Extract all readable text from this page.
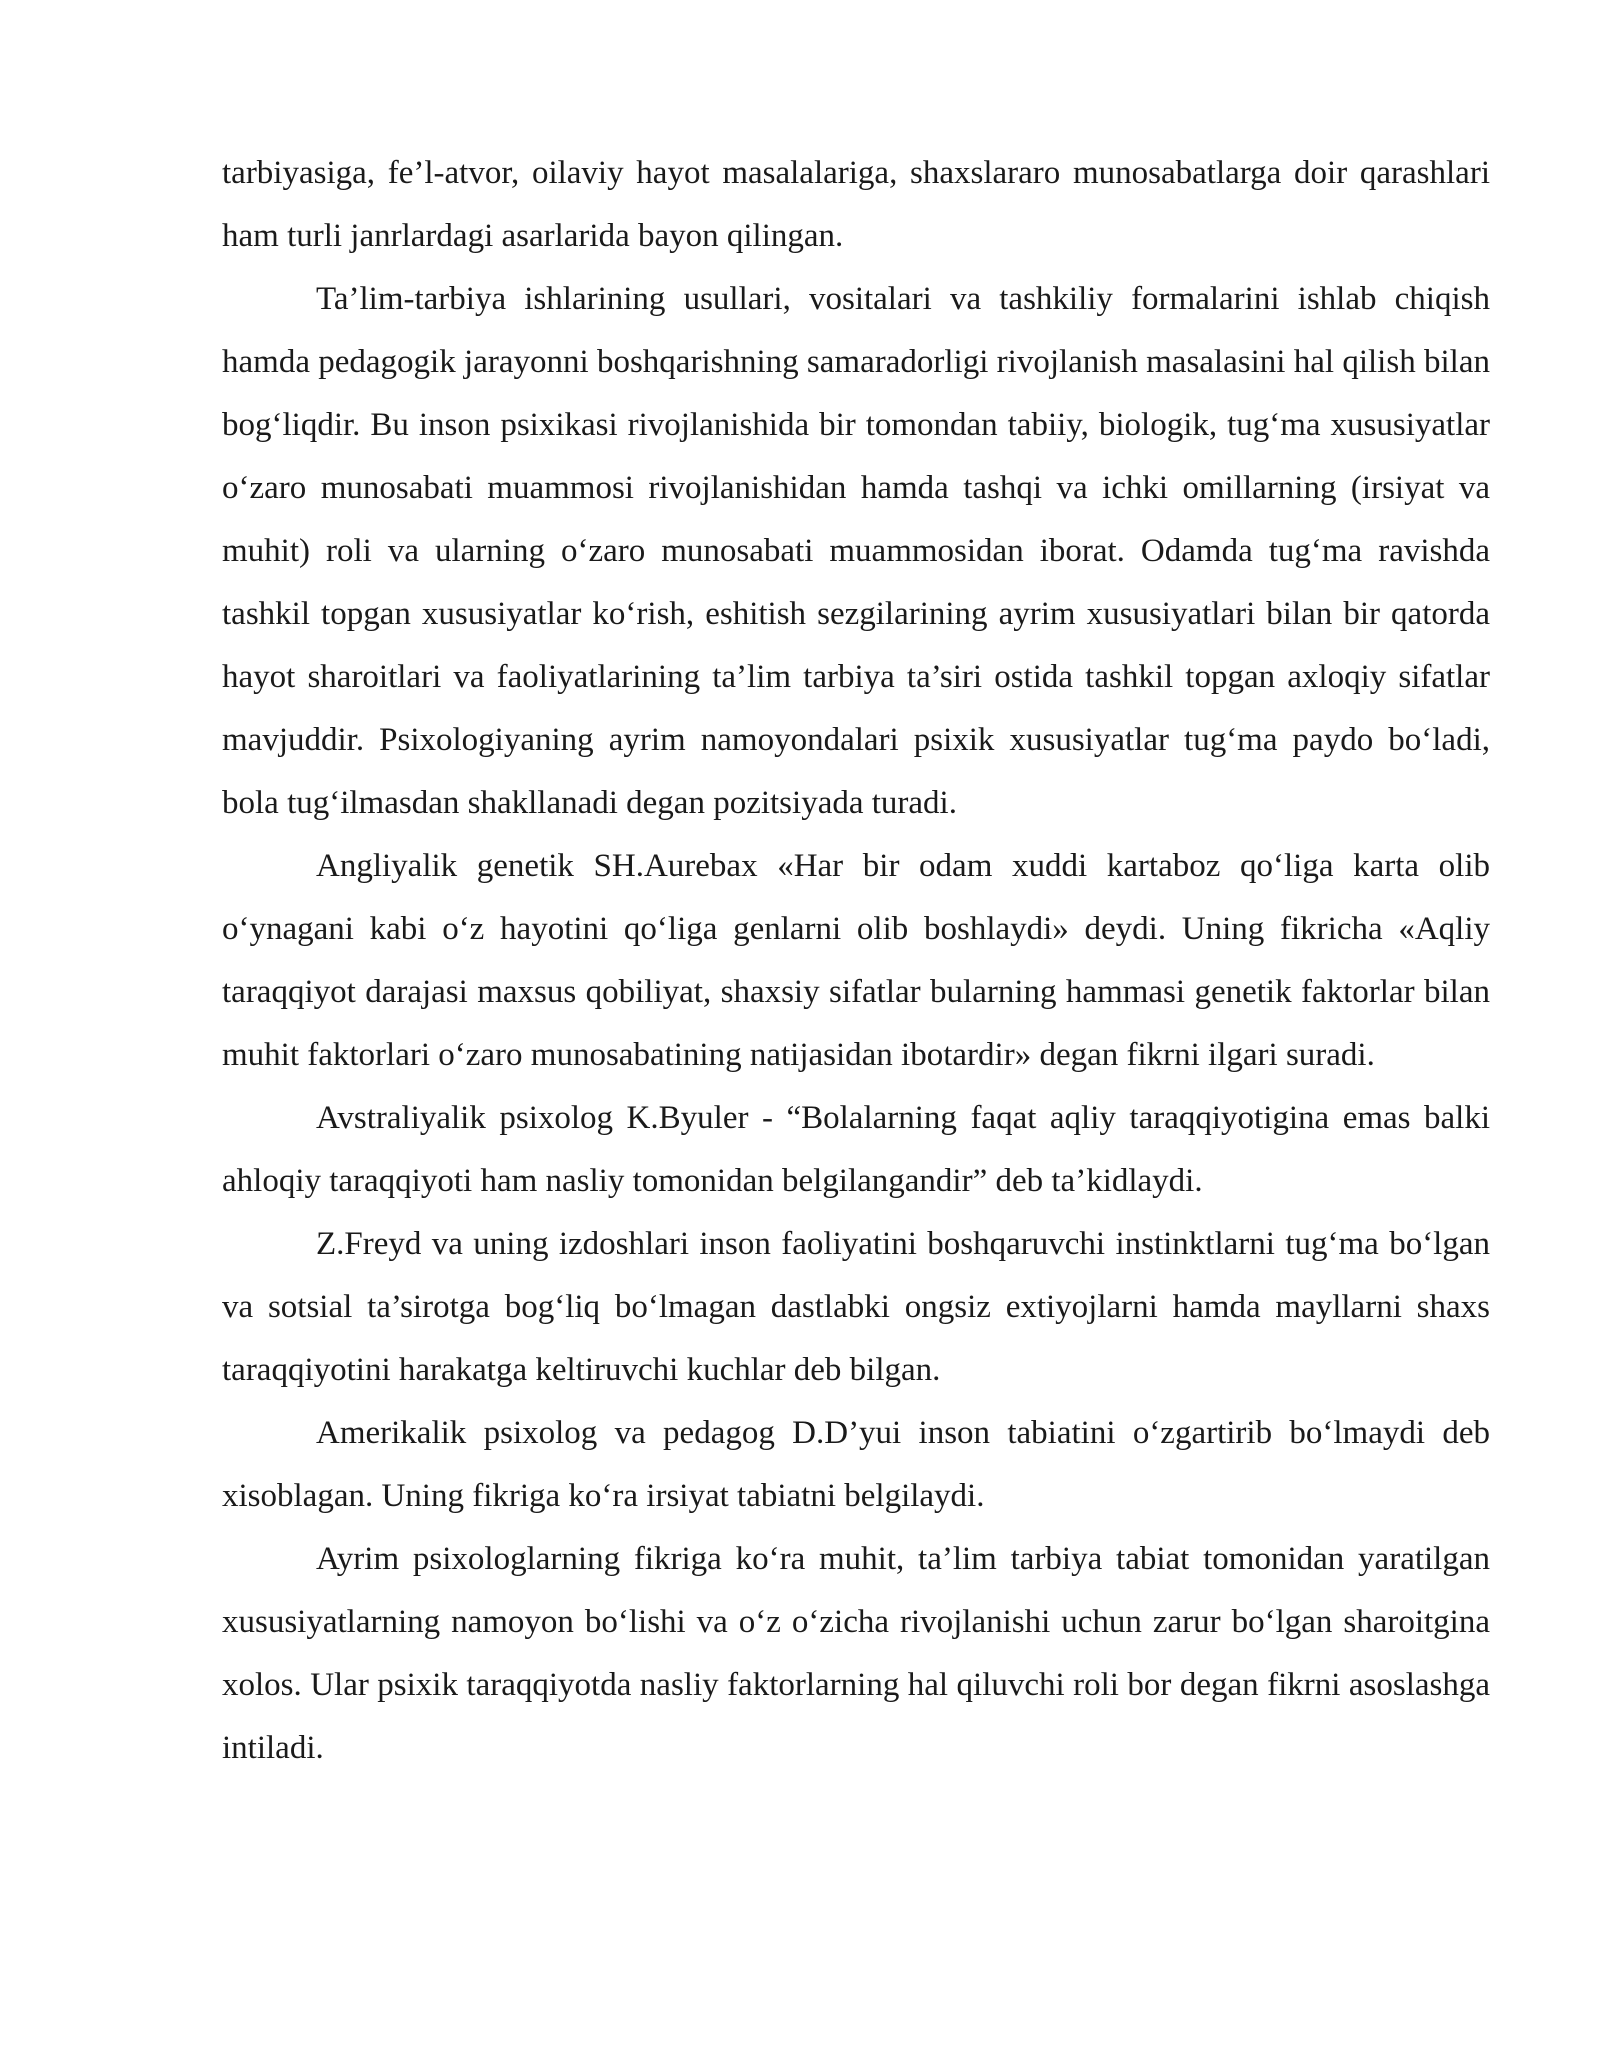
tarbiyasiga, fe’l-atvor, oilaviy hayot masalalariga, shaxslararo munosabatlarga doir qarashlari ham turli janrlardagi asarlarida bayon qilingan.

Ta’lim-tarbiya ishlarining usullari, vositalari va tashkiliy formalarini ishlab chiqish hamda pedagogik jarayonni boshqarishning samaradorligi rivojlanish masalasini hal qilish bilan bog‘liqdir. Bu inson psixikasi rivojlanishida bir tomondan tabiiy, biologik, tug‘ma xususiyatlar o‘zaro munosabati muammosi rivojlanishidan hamda tashqi va ichki omillarning (irsiyat va muhit) roli va ularning o‘zaro munosabati muammosidan iborat. Odamda tug‘ma ravishda tashkil topgan xususiyatlar ko‘rish, eshitish sezgilarining ayrim xususiyatlari bilan bir qatorda hayot sharoitlari va faoliyatlarining ta’lim tarbiya ta’siri ostida tashkil topgan axloqiy sifatlar mavjuddir. Psixologiyaning ayrim namoyondalari psixik xususiyatlar tug‘ma paydo bo‘ladi, bola tug‘ilmasdan shakllanadi degan pozitsiyada turadi.

Angliyalik genetik SH.Aurebax «Har bir odam xuddi kartaboz qo‘liga karta olib o‘ynagani kabi o‘z hayotini qo‘liga genlarni olib boshlaydi» deydi. Uning fikricha «Aqliy taraqqiyot darajasi maxsus qobiliyat, shaxsiy sifatlar bularning hammasi genetik faktorlar bilan muhit faktorlari o‘zaro munosabatining natijasidan ibotardir» degan fikrni ilgari suradi.

Avstraliyalik psixolog K.Byuler - “Bolalarning faqat aqliy taraqqiyotigina emas balki ahloqiy taraqqiyoti ham nasliy tomonidan belgilangandir” deb ta’kidlaydi.

Z.Freyd va uning izdoshlari inson faoliyatini boshqaruvchi instinktlarni tug‘ma bo‘lgan va sotsial ta’sirotga bog‘liq bo‘lmagan dastlabki ongsiz extiyojlarni hamda mayllarni shaxs taraqqiyotini harakatga keltiruvchi kuchlar deb bilgan.

Amerikalik psixolog va pedagog D.D’yui inson tabiatini o‘zgartirib bo‘lmaydi deb xisoblagan. Uning fikriga ko‘ra irsiyat tabiatni belgilaydi.

Ayrim psixologlarning fikriga ko‘ra muhit, ta’lim tarbiya tabiat tomonidan yaratilgan xususiyatlarning namoyon bo‘lishi va o‘z o‘zicha rivojlanishi uchun zarur bo‘lgan sharoitgina xolos. Ular psixik taraqqiyotda nasliy faktorlarning hal qiluvchi roli bor degan fikrni asoslashga intiladi.
